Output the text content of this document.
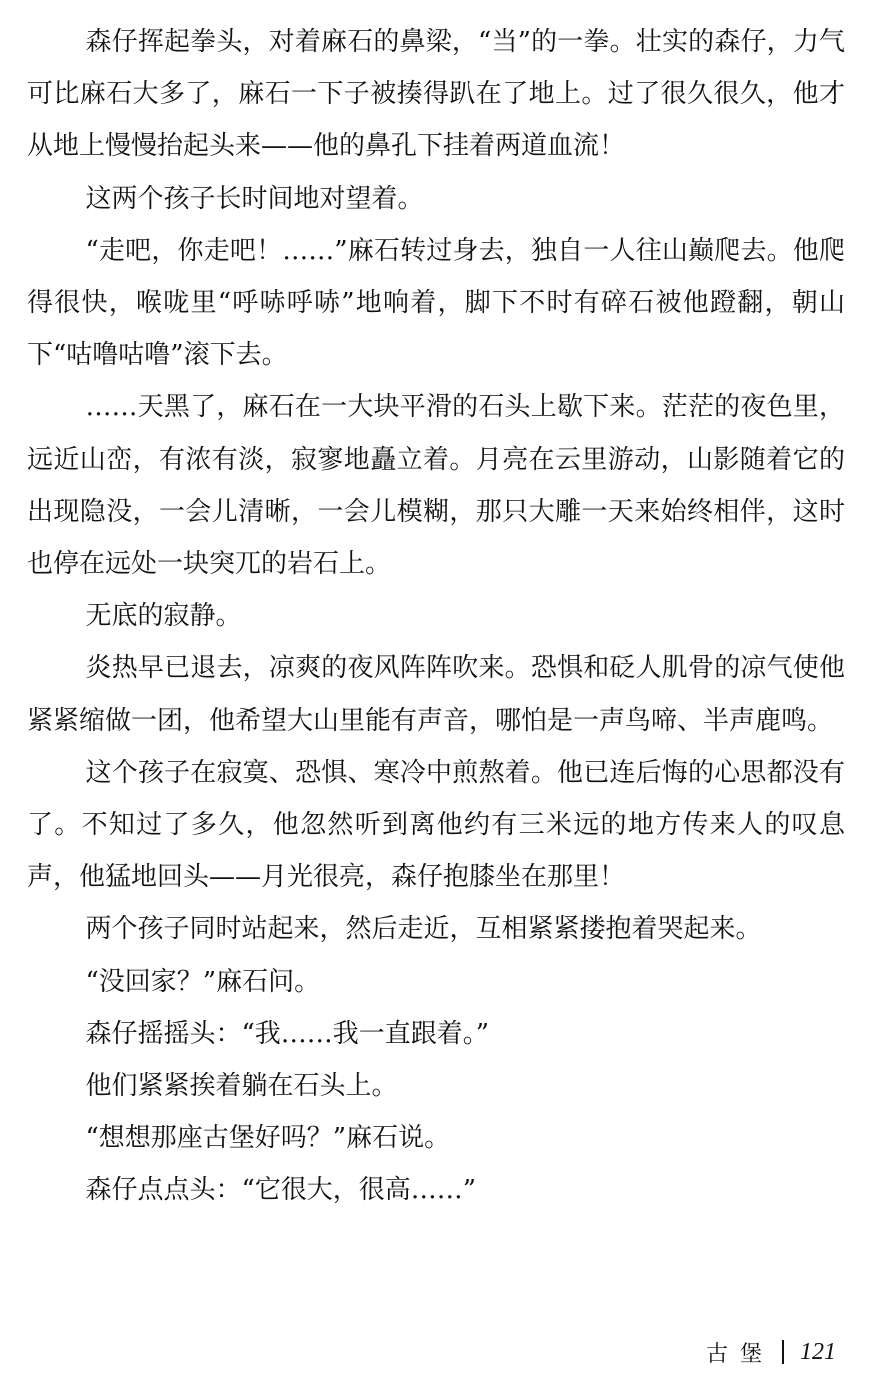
森仔挥起拳头，对着麻石的鼻梁，“当”的一拳。壮实的森仔，力气可比麻石大多了，麻石一下子被揍得趴在了地上。过了很久很久，他才从地上慢慢抬起头来——他的鼻孔下挂着两道血流！

这两个孩子长时间地对望着。

“走吧，你走吧！……”麻石转过身去，独自一人往山巅爬去。他爬得很快，喉咙里“呼哧呼哧”地响着，脚下不时有碎石被他蹬翻，朝山下“咕噜咕噜”滚下去。

……天黑了，麻石在一大块平滑的石头上歇下来。茫茫的夜色里，远近山峦，有浓有淡，寂寥地矗立着。月亮在云里游动，山影随着它的出现隐没，一会儿清晰，一会儿模糊，那只大雕一天来始终相伴，这时也停在远处一块突兀的岩石上。

无底的寂静。

炎热早已退去，凉爽的夜风阵阵吹来。恐惧和砭人肌骨的凉气使他紧紧缩做一团，他希望大山里能有声音，哪怕是一声鸟啼、半声鹿鸣。

这个孩子在寂寞、恐惧、寒冷中煎熬着。他已连后悔的心思都没有了。不知过了多久，他忽然听到离他约有三米远的地方传来人的叹息声，他猛地回头——月光很亮，森仔抱膝坐在那里！

两个孩子同时站起来，然后走近，互相紧紧搂抱着哭起来。

“没回家？”麻石问。

森仔摇摇头：“我……我一直跟着。”

他们紧紧挨着躺在石头上。

“想想那座古堡好吗？”麻石说。

森仔点点头：“它很大，很高……”

古堡 121
